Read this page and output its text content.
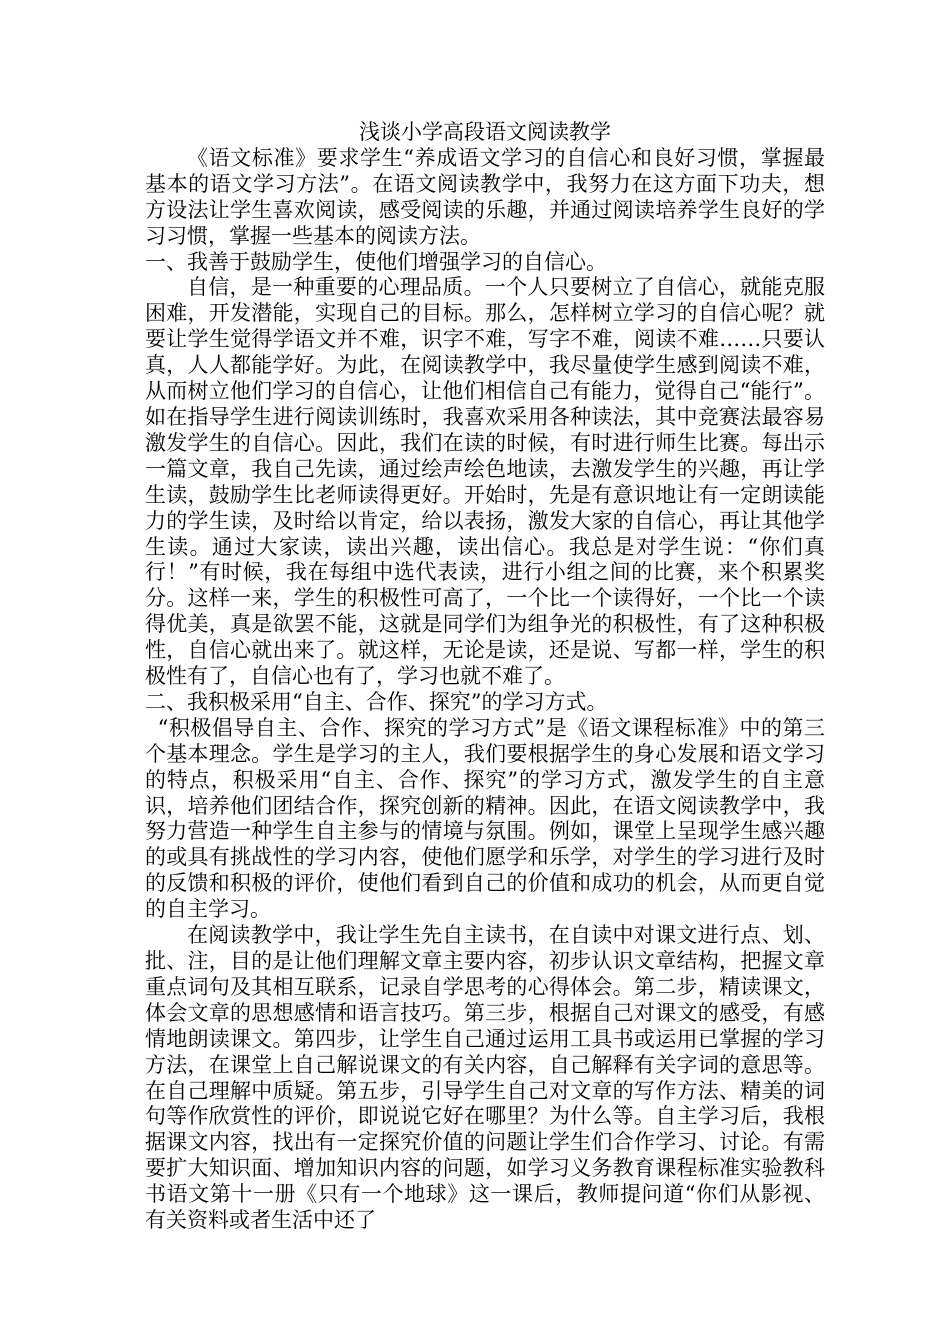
浅谈小学高段语文阅读教学

《语文标准》要求学生“养成语文学习的自信心和良好习惯，掌握最基本的语文学习方法”。在语文阅读教学中，我努力在这方面下功夫，想方设法让学生喜欢阅读，感受阅读的乐趣，并通过阅读培养学生良好的学习习惯，掌握一些基本的阅读方法。

一、我善于鼓励学生，使他们增强学习的自信心。

自信，是一种重要的心理品质。一个人只要树立了自信心，就能克服困难，开发潜能，实现自己的目标。那么，怎样树立学习的自信心呢？就要让学生觉得学语文并不难，识字不难，写字不难，阅读不难……只要认真，人人都能学好。为此，在阅读教学中，我尽量使学生感到阅读不难，从而树立他们学习的自信心，让他们相信自己有能力，觉得自己“能行”。如在指导学生进行阅读训练时，我喜欢采用各种读法，其中竞赛法最容易激发学生的自信心。因此，我们在读的时候，有时进行师生比赛。每出示一篇文章，我自己先读，通过绘声绘色地读，去激发学生的兴趣，再让学生读，鼓励学生比老师读得更好。开始时，先是有意识地让有一定朗读能力的学生读，及时给以肯定，给以表扬，激发大家的自信心，再让其他学生读。通过大家读，读出兴趣，读出信心。我总是对学生说：“你们真行！”有时候，我在每组中选代表读，进行小组之间的比赛，来个积累奖分。这样一来，学生的积极性可高了，一个比一个读得好，一个比一个读得优美，真是欲罢不能，这就是同学们为组争光的积极性，有了这种积极性，自信心就出来了。就这样，无论是读，还是说、写都一样，学生的积极性有了，自信心也有了，学习也就不难了。

二、我积极采用“自主、合作、探究”的学习方式。

“积极倡导自主、合作、探究的学习方式”是《语文课程标准》中的第三个基本理念。学生是学习的主人，我们要根据学生的身心发展和语文学习的特点，积极采用“自主、合作、探究”的学习方式，激发学生的自主意识，培养他们团结合作，探究创新的精神。因此，在语文阅读教学中，我努力营造一种学生自主参与的情境与氛围。例如，课堂上呈现学生感兴趣的或具有挑战性的学习内容，使他们愿学和乐学，对学生的学习进行及时的反馈和积极的评价，使他们看到自己的价值和成功的机会，从而更自觉的自主学习。

在阅读教学中，我让学生先自主读书，在自读中对课文进行点、划、批、注，目的是让他们理解文章主要内容，初步认识文章结构，把握文章重点词句及其相互联系，记录自学思考的心得体会。第二步，精读课文，体会文章的思想感情和语言技巧。第三步，根据自己对课文的感受，有感情地朗读课文。第四步，让学生自己通过运用工具书或运用已掌握的学习方法，在课堂上自己解说课文的有关内容，自己解释有关字词的意思等。在自己理解中质疑。第五步，引导学生自己对文章的写作方法、精美的词句等作欣赏性的评价，即说说它好在哪里？为什么等。自主学习后，我根据课文内容，找出有一定探究价值的问题让学生们合作学习、讨论。有需要扩大知识面、增加知识内容的问题，如学习义务教育课程标准实验教科书语文第十一册《只有一个地球》这一课后，教师提问道“你们从影视、有关资料或者生活中还了
